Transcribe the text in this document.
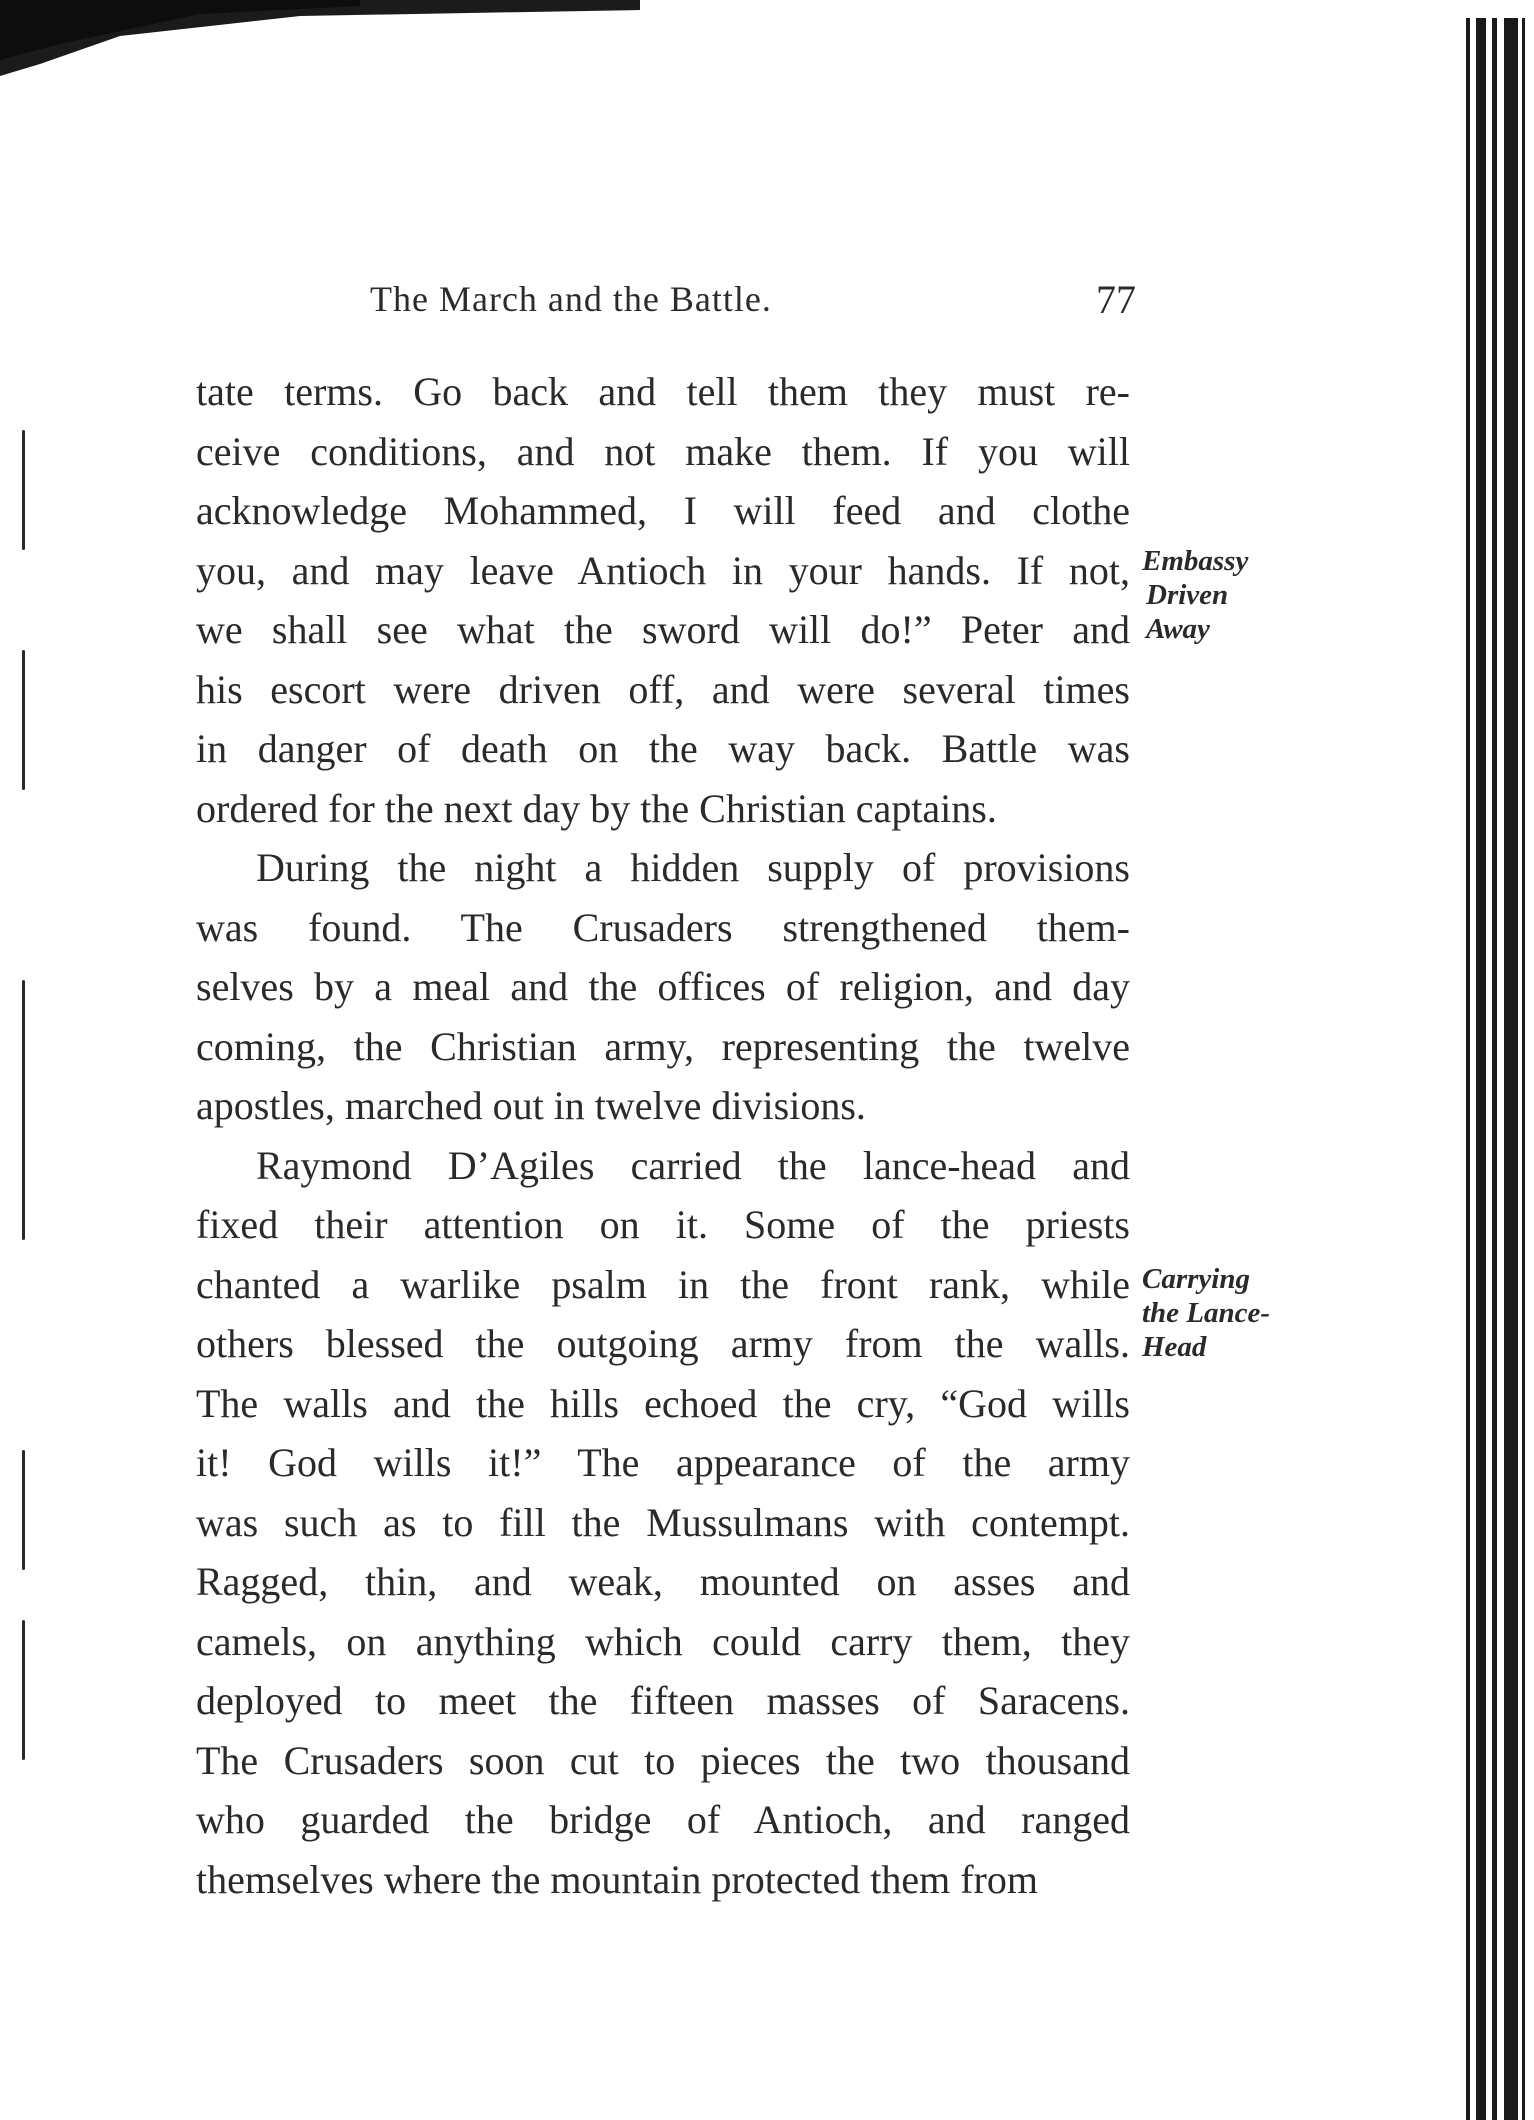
The March and the Battle.	77
tate terms. Go back and tell them they must re-
ceive conditions, and not make them. If you will
acknowledge Mohammed, I will feed and clothe
you, and may leave Antioch in your hands. If not,
we shall see what the sword will do!” Peter and
his escort were driven off, and were several times
in danger of death on the way back. Battle was
ordered for the next day by the Christian captains.
During the night a hidden supply of provisions
was found. The Crusaders strengthened them-
selves by a meal and the offices of religion, and day
coming, the Christian army, representing the twelve
apostles, marched out in twelve divisions.
Raymond D’Agiles carried the lance-head and
fixed their attention on it. Some of the priests
chanted a warlike psalm in the front rank, while
others blessed the outgoing army from the walls.
The walls and the hills echoed the cry, “God wills
it! God wills it!” The appearance of the army
was such as to fill the Mussulmans with contempt.
Ragged, thin, and weak, mounted on asses and
camels, on anything which could carry them, they
deployed to meet the fifteen masses of Saracens.
The Crusaders soon cut to pieces the two thousand
who guarded the bridge of Antioch, and ranged
themselves where the mountain protected them from
Embassy
Driven
Away
Carrying
the Lance-
Head
